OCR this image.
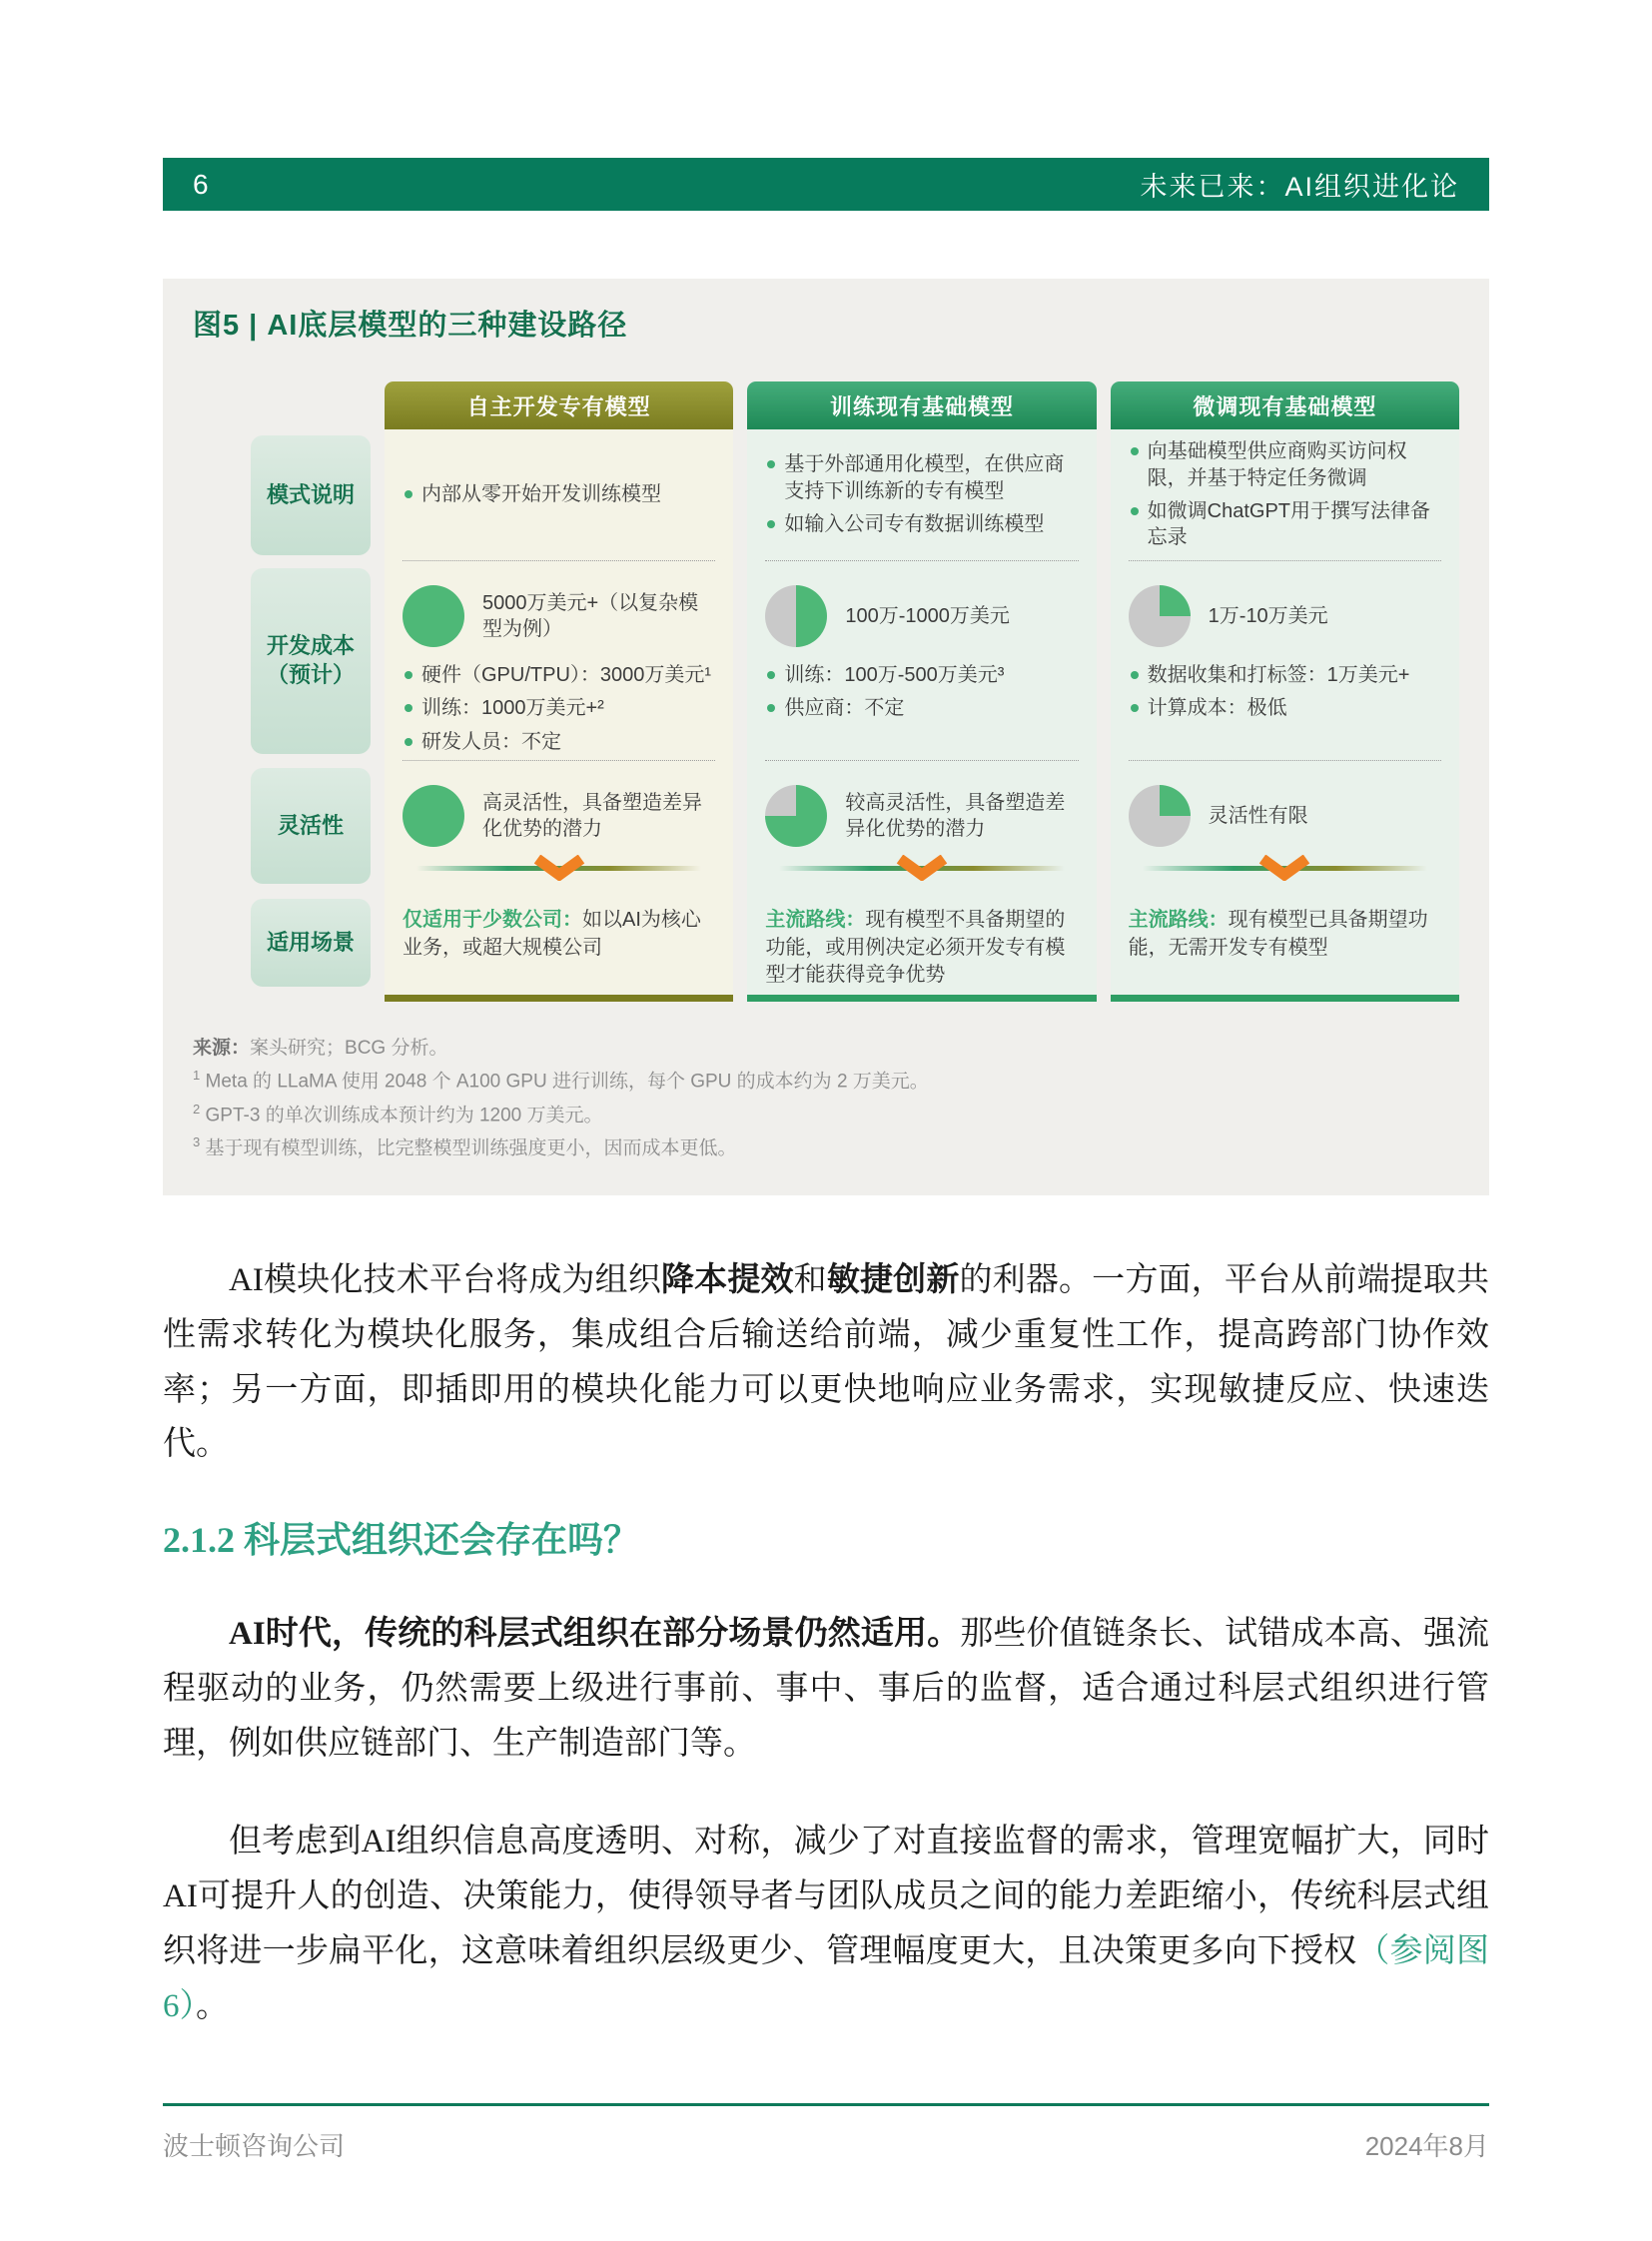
6	未来已来：AI组织进化论
图5 | AI底层模型的三种建设路径
模式说明
开发成本
（预计）
灵活性
适用场景
自主开发专有模型
内部从零开始开发训练模型
5000万美元+（以复杂模型为例）
硬件（GPU/TPU）：3000万美元¹
训练：1000万美元+²
研发人员：不定
高灵活性，具备塑造差异化优势的潜力

仅适用于少数公司：如以AI为核心业务，或超大规模公司

训练现有基础模型
基于外部通用化模型，在供应商支持下训练新的专有模型
如输入公司专有数据训练模型
100万-1000万美元
训练：100万-500万美元³
供应商：不定
较高灵活性，具备塑造差异化优势的潜力

主流路线：现有模型不具备期望的功能，或用例决定必须开发专有模型才能获得竞争优势

微调现有基础模型
向基础模型供应商购买访问权限，并基于特定任务微调
如微调ChatGPT用于撰写法律备忘录
1万-10万美元
数据收集和打标签：1万美元+
计算成本：极低
灵活性有限

主流路线：现有模型已具备期望功能，无需开发专有模型

来源：案头研究；BCG 分析。
$^1$ Meta 的 LLaMA 使用 2048 个 A100 GPU 进行训练，每个 GPU 的成本约为 2 万美元。
$^2$ GPT-3 的单次训练成本预计约为 1200 万美元。
$^3$ 基于现有模型训练，比完整模型训练强度更小，因而成本更低。

AI模块化技术平台将成为组织降本提效和敏捷创新的利器。一方面，平台从前端提取共性需求转化为模块化服务，集成组合后输送给前端，减少重复性工作，提高跨部门协作效率；另一方面，即插即用的模块化能力可以更快地响应业务需求，实现敏捷反应、快速迭代。

2.1.2 科层式组织还会存在吗？

AI时代，传统的科层式组织在部分场景仍然适用。那些价值链条长、试错成本高、强流程驱动的业务，仍然需要上级进行事前、事中、事后的监督，适合通过科层式组织进行管理，例如供应链部门、生产制造部门等。

但考虑到AI组织信息高度透明、对称，减少了对直接监督的需求，管理宽幅扩大，同时AI可提升人的创造、决策能力，使得领导者与团队成员之间的能力差距缩小，传统科层式组织将进一步扁平化，这意味着组织层级更少、管理幅度更大，且决策更多向下授权（参阅图6）。

波士顿咨询公司	2024年8月
